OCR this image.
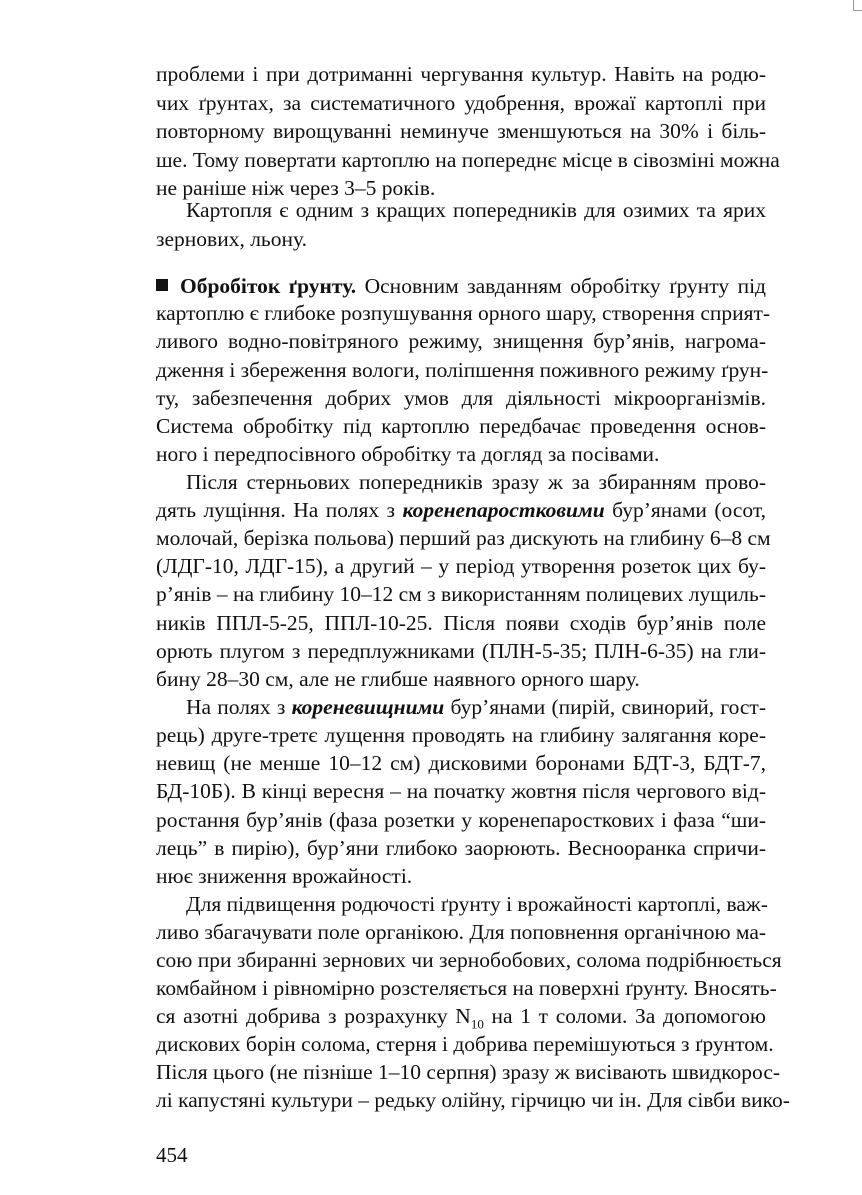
проблеми і при дотриманні чергування культур. Навіть на родю-
чих ґрунтах, за систематичного удобрення, врожаї картоплі при
повторному вирощуванні неминуче зменшуються на 30% і біль-
ше. Тому повертати картоплю на попереднє місце в сівозміні можна
не раніше ніж через 3–5 років.
Картопля є одним з кращих попередників для озимих та ярих
зернових, льону.
Обробіток ґрунту. Основним завданням обробітку ґрунту під
картоплю є глибоке розпушування орного шару, створення сприят-
ливого водно-повітряного режиму, знищення бур’янів, нагрома-
дження і збереження вологи, поліпшення поживного режиму ґрун-
ту, забезпечення добрих умов для діяльності мікроорганізмів.
Система обробітку під картоплю передбачає проведення основ-
ного і передпосівного обробітку та догляд за посівами.
Після стерньових попередників зразу ж за збиранням прово-
дять лущіння. На полях з коренепаростковими бур’янами (осот,
молочай, берізка польова) перший раз дискують на глибину 6–8 см
(ЛДГ-10, ЛДГ-15), а другий – у період утворення розеток цих бу-
р’янів – на глибину 10–12 см з використанням полицевих лущиль-
ників ППЛ-5-25, ППЛ-10-25. Після появи сходів бур’янів поле
орють плугом з передплужниками (ПЛН-5-35; ПЛН-6-35) на гли-
бину 28–30 см, але не глибше наявного орного шару.
На полях з кореневищними бур’янами (пирій, свинорий, гост-
рець) друге-третє лущення проводять на глибину залягання коре-
невищ (не менше 10–12 см) дисковими боронами БДТ-3, БДТ-7,
БД-10Б). В кінці вересня – на початку жовтня після чергового від-
ростання бур’янів (фаза розетки у коренепаросткових і фаза “ши-
лець” в пирію), бур’яни глибоко заорюють. Веснооранка спричи-
нює зниження врожайності.
Для підвищення родючості ґрунту і врожайності картоплі, важ-
ливо збагачувати поле органікою. Для поповнення органічною ма-
сою при збиранні зернових чи зернобобових, солома подрібнюється
комбайном і рівномірно розстеляється на поверхні ґрунту. Вносять-
ся азотні добрива з розрахунку $N_{10}$ на 1 т соломи. За допомогою
дискових борін солома, стерня і добрива перемішуються з ґрунтом.
Після цього (не пізніше 1–10 серпня) зразу ж висівають швидкорос-
лі капустяні культури – редьку олійну, гірчицю чи ін. Для сівби вико-
454
